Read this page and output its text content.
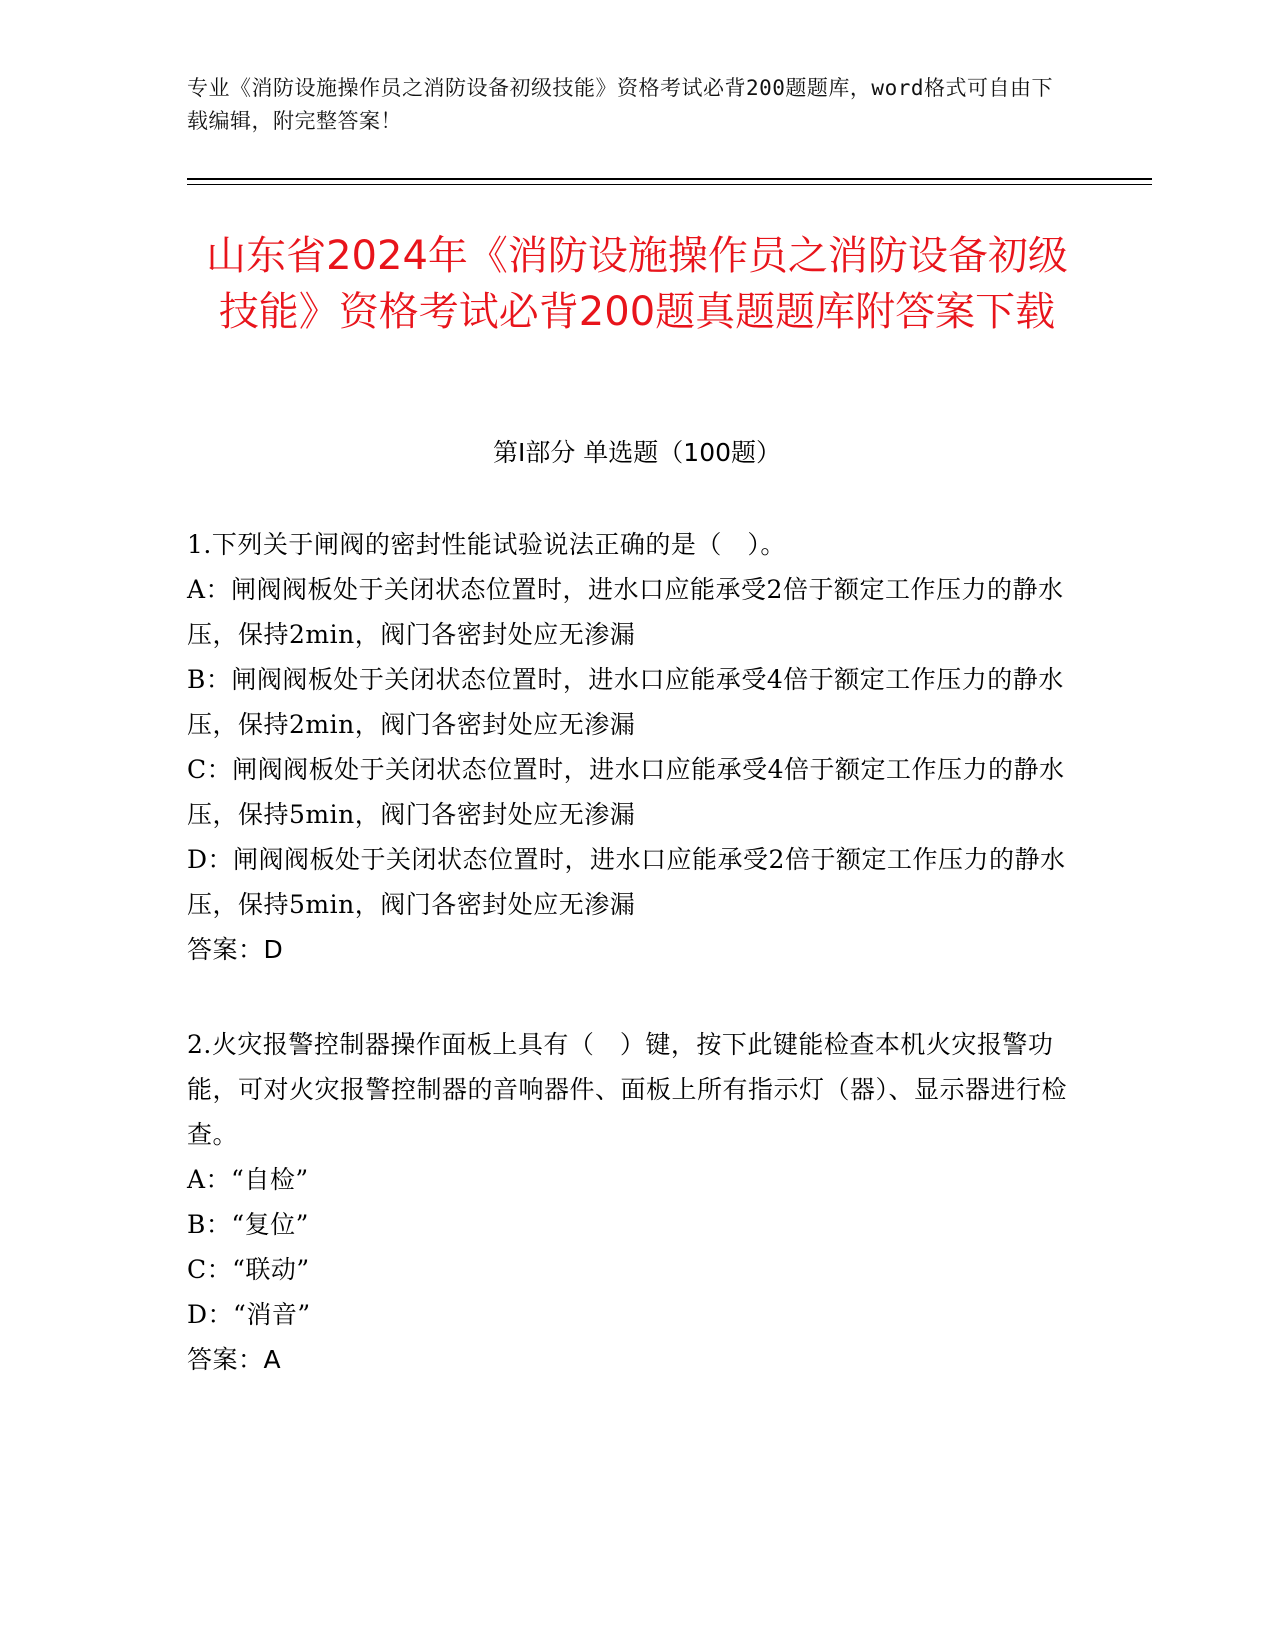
专业《消防设施操作员之消防设备初级技能》资格考试必背200题题库，word格式可自由下载编辑，附完整答案！
山东省2024年《消防设施操作员之消防设备初级技能》资格考试必背200题真题题库附答案下载
第I部分 单选题（100题）
1.下列关于闸阀的密封性能试验说法正确的是（　）。
A：闸阀阀板处于关闭状态位置时，进水口应能承受2倍于额定工作压力的静水压，保持2min，阀门各密封处应无渗漏
B：闸阀阀板处于关闭状态位置时，进水口应能承受4倍于额定工作压力的静水压，保持2min，阀门各密封处应无渗漏
C：闸阀阀板处于关闭状态位置时，进水口应能承受4倍于额定工作压力的静水压，保持5min，阀门各密封处应无渗漏
D：闸阀阀板处于关闭状态位置时，进水口应能承受2倍于额定工作压力的静水压，保持5min，阀门各密封处应无渗漏
答案：D
2.火灾报警控制器操作面板上具有（　）键，按下此键能检查本机火灾报警功能，可对火灾报警控制器的音响器件、面板上所有指示灯（器）、显示器进行检查。
A：“自检”
B：“复位”
C：“联动”
D：“消音”
答案：A
